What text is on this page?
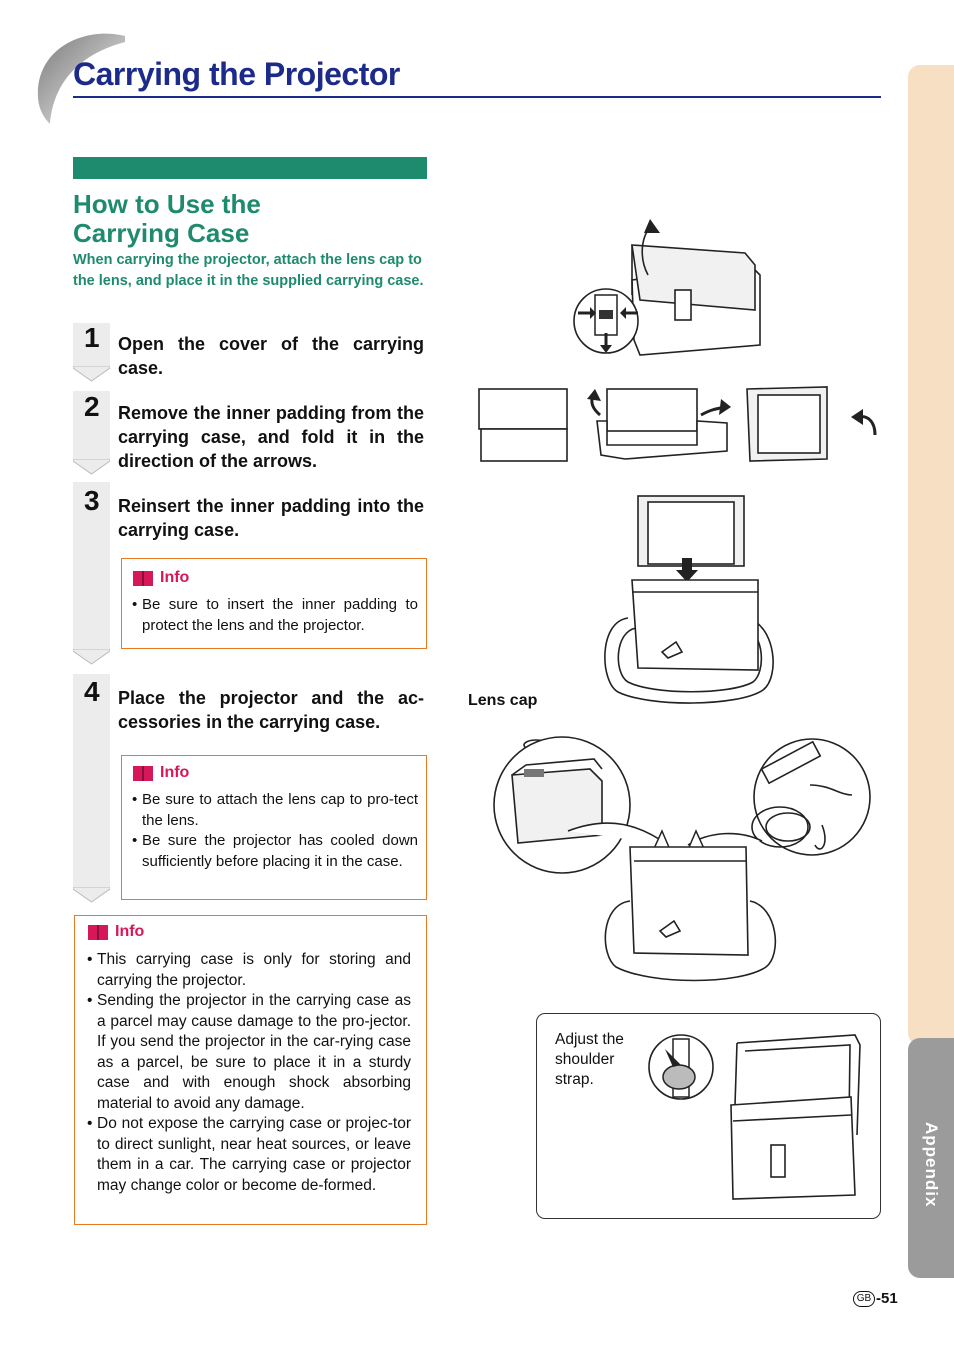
Carrying the Projector
How to Use the
Carrying Case
When carrying the projector, attach the lens cap to the lens, and place it in the supplied carrying case.
1 Open the cover of the carrying case.
2 Remove the inner padding from the carrying case, and fold it in the direction of the arrows.
3 Reinsert the inner padding into the carrying case.
Info
• Be sure to insert the inner padding to protect the lens and the projector.
4 Place the projector and the ac-cessories in the carrying case.
Info
• Be sure to attach the lens cap to pro-tect the lens.
• Be sure the projector has cooled down sufficiently before placing it in the case.
Info
• This carrying case is only for storing and carrying the projector.
• Sending the projector in the carrying case as a parcel may cause damage to the pro-jector. If you send the projector in the car-rying case as a parcel, be sure to place it in a sturdy case and with enough shock absorbing material to avoid any damage.
• Do not expose the carrying case or projec-tor to direct sunlight, near heat sources, or leave them in a car. The carrying case or projector may change color or become de-formed.
Lens cap
Adjust the shoulder strap.
Appendix
GB -51
